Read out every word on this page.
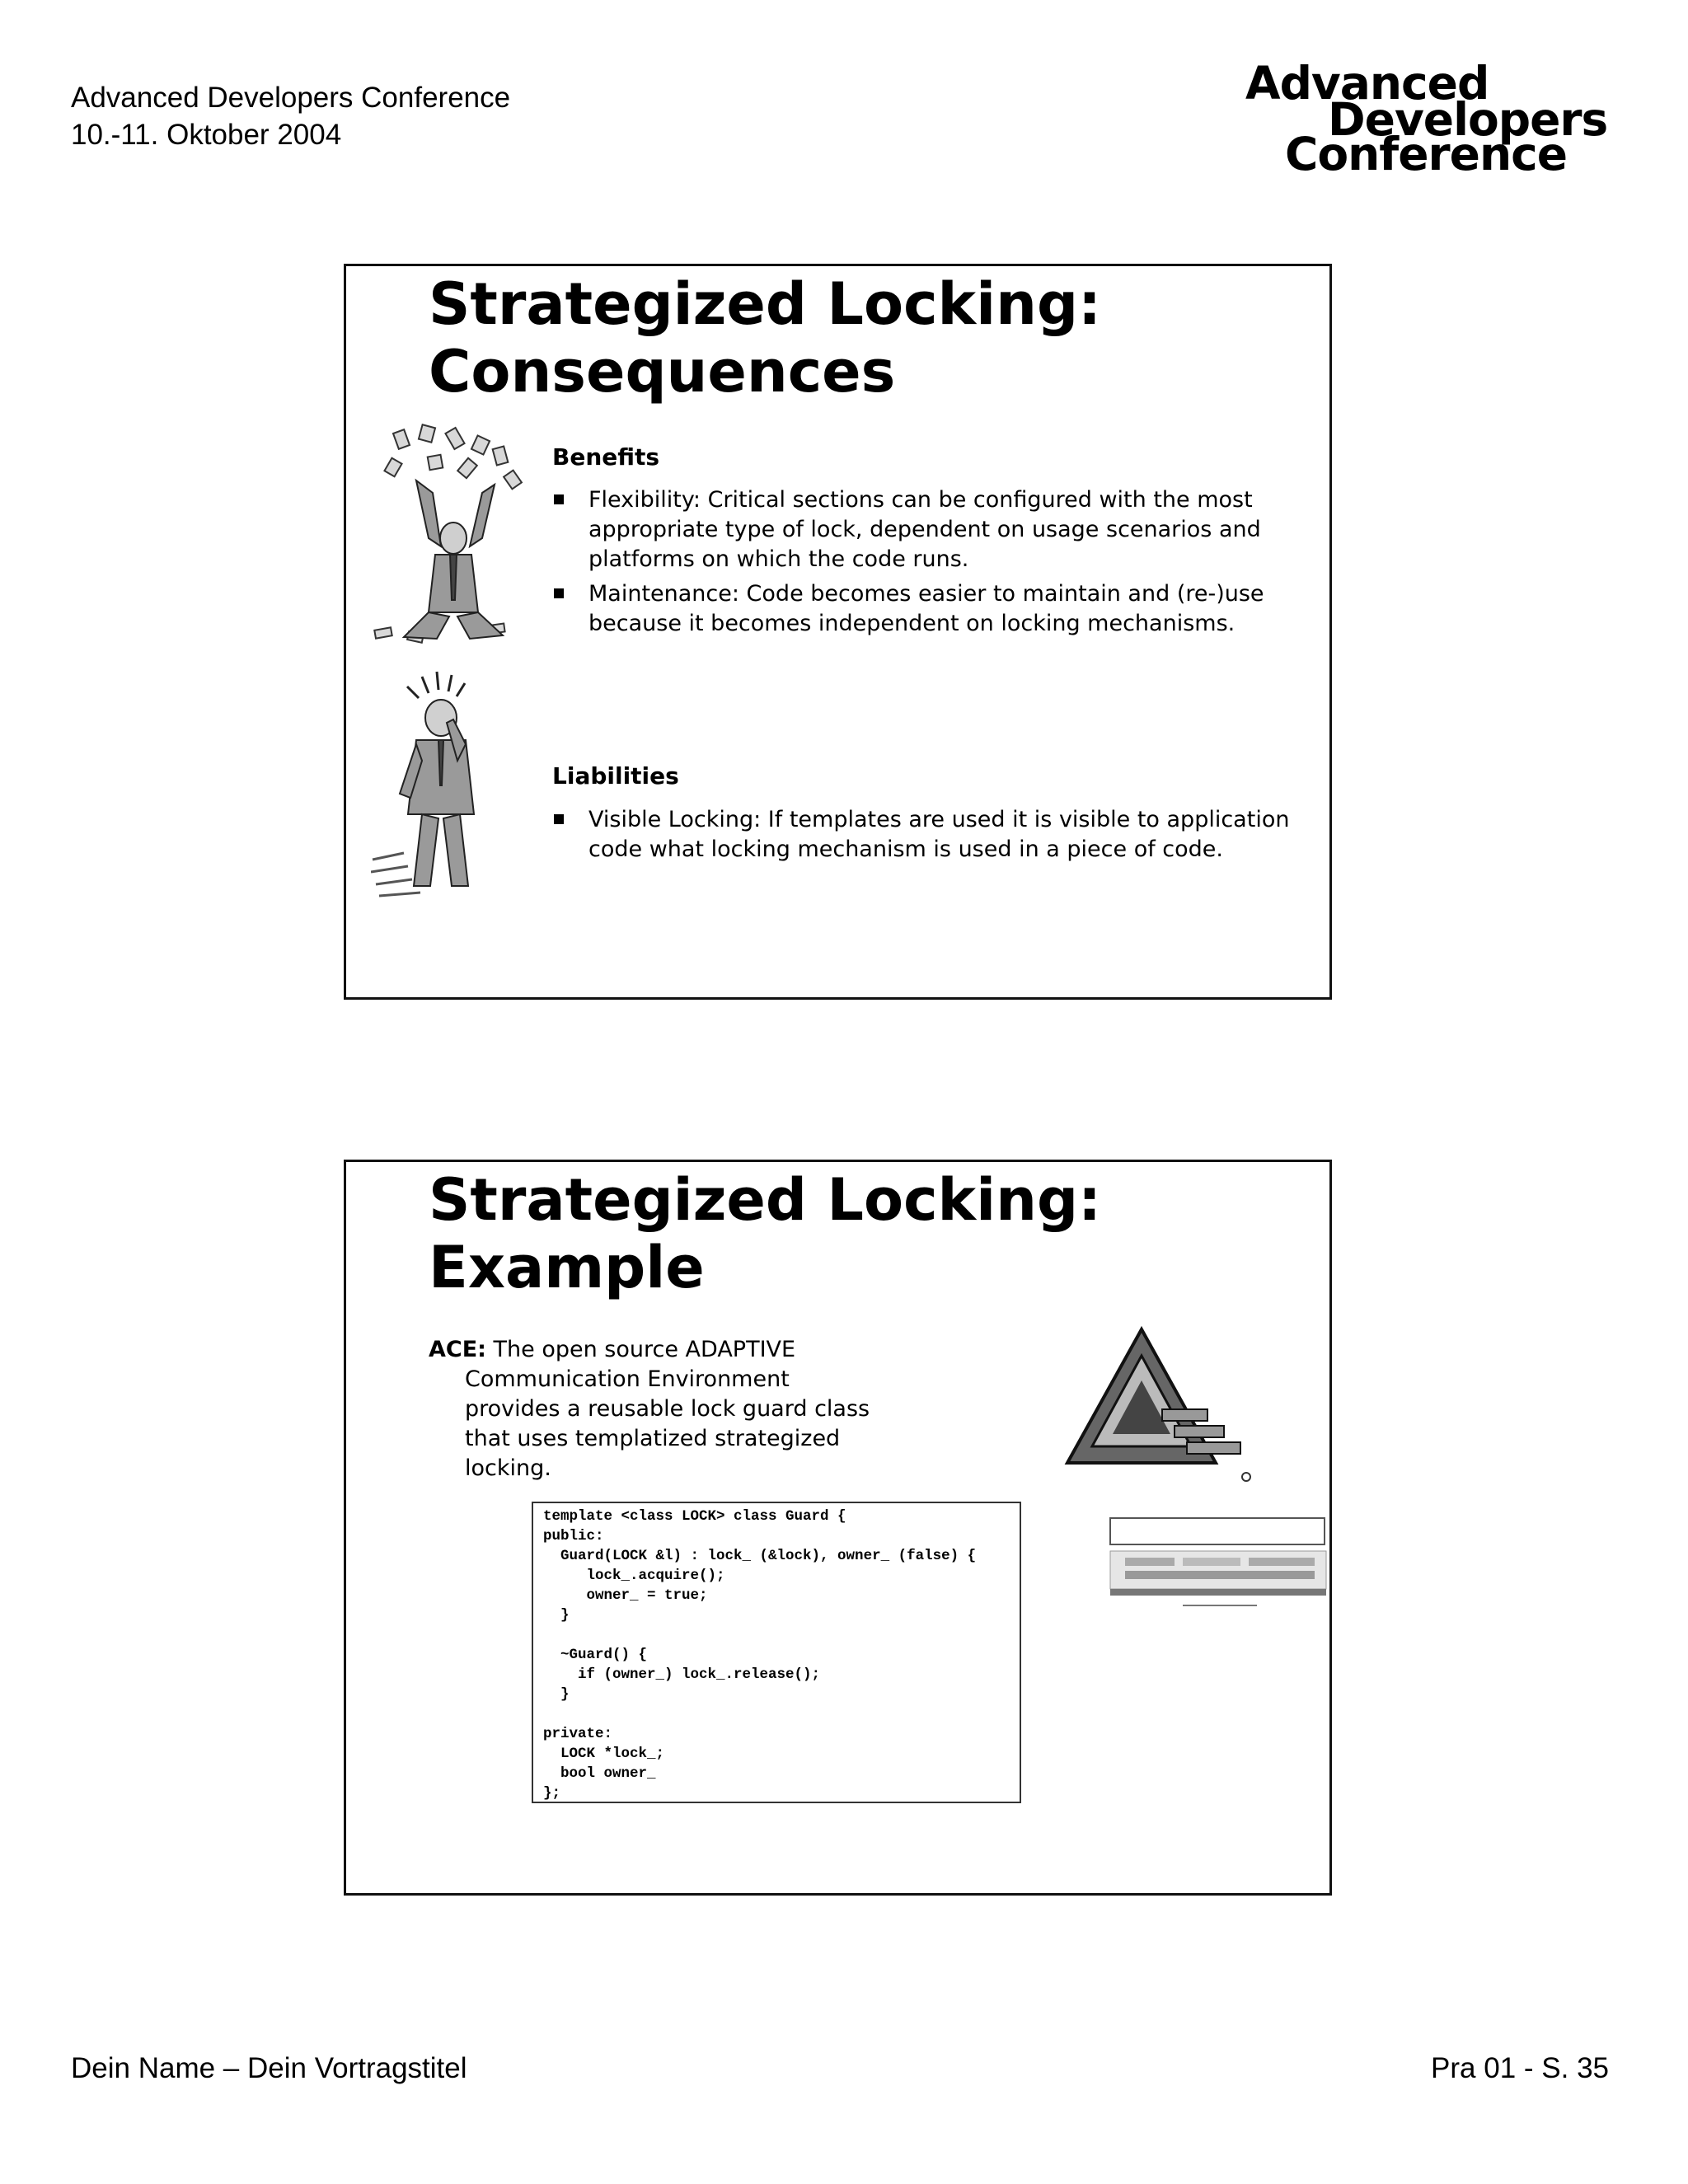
Advanced Developers Conference
10.-11. Oktober 2004
Advanced
Developers
Conference
Strategized Locking:
Consequences
Benefits
Flexibility: Critical sections can be configured with the most appropriate type of lock, dependent on usage scenarios and platforms on which the code runs.
Maintenance: Code becomes easier to maintain and (re-)use because it becomes independent on locking mechanisms.
Liabilities
Visible Locking: If templates are used it is visible to application code what locking mechanism is used in a piece of code.
Strategized Locking:
Example
ACE: The open source ADAPTIVE Communication Environment provides a reusable lock guard class that uses templatized strategized locking.
template <class LOCK> class Guard {
public:
Guard(LOCK &l) : lock_ (&lock), owner_ (false) {
lock_.acquire();
owner_ = true;
}

~Guard() {
if (owner_) lock_.release();
}

private:
LOCK *lock_;
bool owner_
};
Dein Name – Dein Vortragstitel	Pra 01 - S. 35
